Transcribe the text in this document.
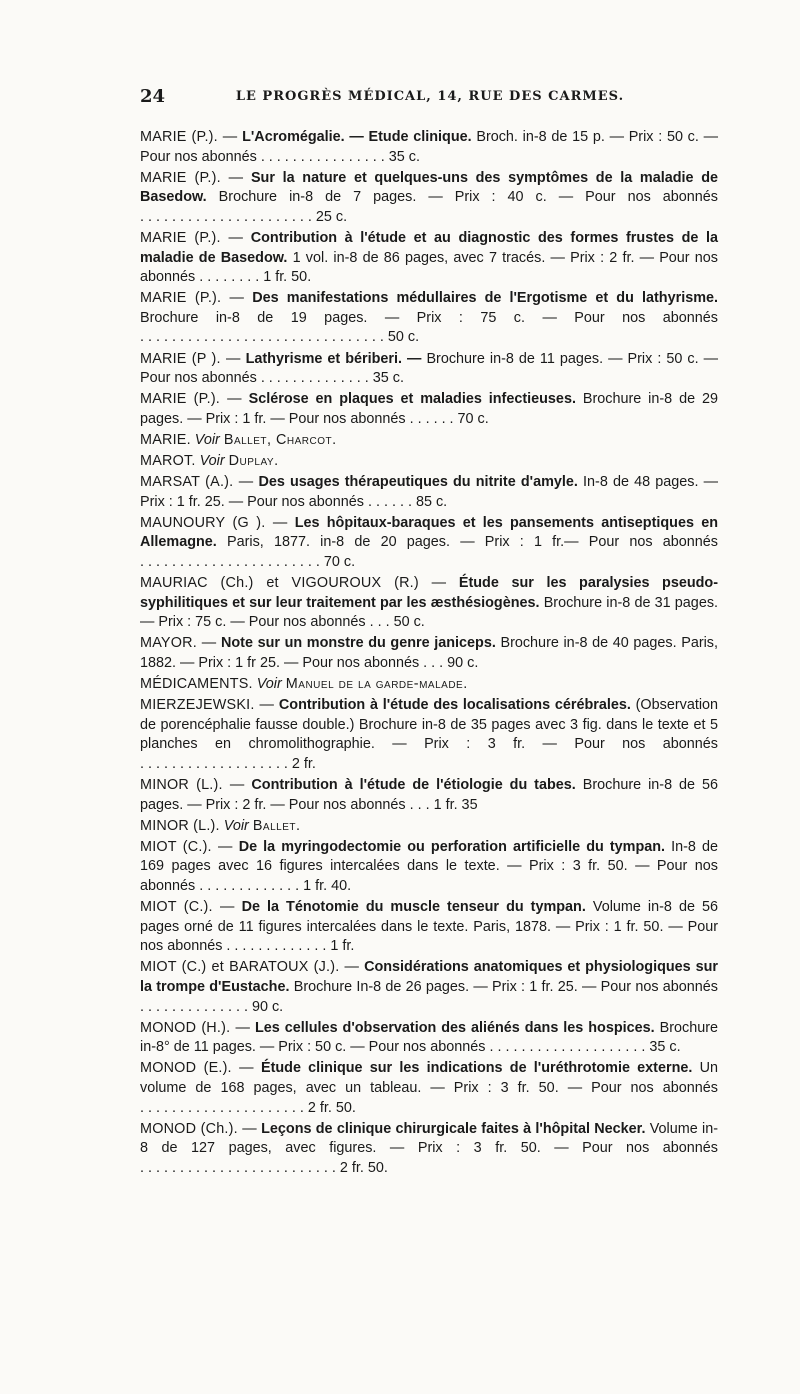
24	LE PROGRÈS MÉDICAL, 14, RUE DES CARMES.

MARIE (P.). — L'Acromégalie. — Etude clinique. Broch. in-8 de 15 p. — Prix : 50 c. — Pour nos abonnés . . . . . . . . . . . . . . . . 35 c.

MARIE (P.). — Sur la nature et quelques-uns des symptômes de la maladie de Basedow. Brochure in-8 de 7 pages. — Prix : 40 c. — Pour nos abonnés . . . . . . . . . . . . . . . . . . . . . . 25 c.

MARIE (P.). — Contribution à l'étude et au diagnostic des formes frustes de la maladie de Basedow. 1 vol. in-8 de 86 pages, avec 7 tracés. — Prix : 2 fr. — Pour nos abonnés . . . . . . . . 1 fr. 50.

MARIE (P.). — Des manifestations médullaires de l'Ergotisme et du lathyrisme. Brochure in-8 de 19 pages. — Prix : 75 c. — Pour nos abonnés . . . . . . . . . . . . . . . . . . . . . . . . . . . . . . . 50 c.

MARIE (P ). — Lathyrisme et bériberi. — Brochure in-8 de 11 pages. — Prix : 50 c. — Pour nos abonnés . . . . . . . . . . . . . . 35 c.

MARIE (P.). — Sclérose en plaques et maladies infectieuses. Brochure in-8 de 29 pages. — Prix : 1 fr. — Pour nos abonnés . . . . . . 70 c.

MARIE. Voir Ballet, Charcot.

MAROT. Voir Duplay.

MARSAT (A.). — Des usages thérapeutiques du nitrite d'amyle. In-8 de 48 pages. — Prix : 1 fr. 25. — Pour nos abonnés . . . . . . 85 c.

MAUNOURY (G ). — Les hôpitaux-baraques et les pansements antiseptiques en Allemagne. Paris, 1877. in-8 de 20 pages. — Prix : 1 fr.— Pour nos abonnés . . . . . . . . . . . . . . . . . . . . . . . 70 c.

MAURIAC (Ch.) et VIGOUROUX (R.) — Étude sur les paralysies pseudo-syphilitiques et sur leur traitement par les æsthésiogènes. Brochure in-8 de 31 pages. — Prix : 75 c. — Pour nos abonnés . . . 50 c.

MAYOR. — Note sur un monstre du genre janiceps. Brochure in-8 de 40 pages. Paris, 1882. — Prix : 1 fr 25. — Pour nos abonnés . . . 90 c.

MÉDICAMENTS. Voir Manuel de la garde-malade.

MIERZEJEWSKI. — Contribution à l'étude des localisations cérébrales. (Observation de porencéphalie fausse double.) Brochure in-8 de 35 pages avec 3 fig. dans le texte et 5 planches en chromolithographie. — Prix : 3 fr. — Pour nos abonnés . . . . . . . . . . . . . . . . . . . 2 fr.

MINOR (L.). — Contribution à l'étude de l'étiologie du tabes. Brochure in-8 de 56 pages. — Prix : 2 fr. — Pour nos abonnés . . . 1 fr. 35

MINOR (L.). Voir Ballet.

MIOT (C.). — De la myringodectomie ou perforation artificielle du tympan. In-8 de 169 pages avec 16 figures intercalées dans le texte. — Prix : 3 fr. 50. — Pour nos abonnés . . . . . . . . . . . . . 1 fr. 40.

MIOT (C.). — De la Ténotomie du muscle tenseur du tympan. Volume in-8 de 56 pages orné de 11 figures intercalées dans le texte. Paris, 1878. — Prix : 1 fr. 50. — Pour nos abonnés . . . . . . . . . . . . . 1 fr.

MIOT (C.) et BARATOUX (J.). — Considérations anatomiques et physiologiques sur la trompe d'Eustache. Brochure In-8 de 26 pages. — Prix : 1 fr. 25. — Pour nos abonnés . . . . . . . . . . . . . . 90 c.

MONOD (H.). — Les cellules d'observation des aliénés dans les hospices. Brochure in-8° de 11 pages. — Prix : 50 c. — Pour nos abonnés . . . . . . . . . . . . . . . . . . . . 35 c.

MONOD (E.). — Étude clinique sur les indications de l'uréthrotomie externe. Un volume de 168 pages, avec un tableau. — Prix : 3 fr. 50. — Pour nos abonnés . . . . . . . . . . . . . . . . . . . . . 2 fr. 50.

MONOD (Ch.). — Leçons de clinique chirurgicale faites à l'hôpital Necker. Volume in-8 de 127 pages, avec figures. — Prix : 3 fr. 50. — Pour nos abonnés . . . . . . . . . . . . . . . . . . . . . . . . . 2 fr. 50.
